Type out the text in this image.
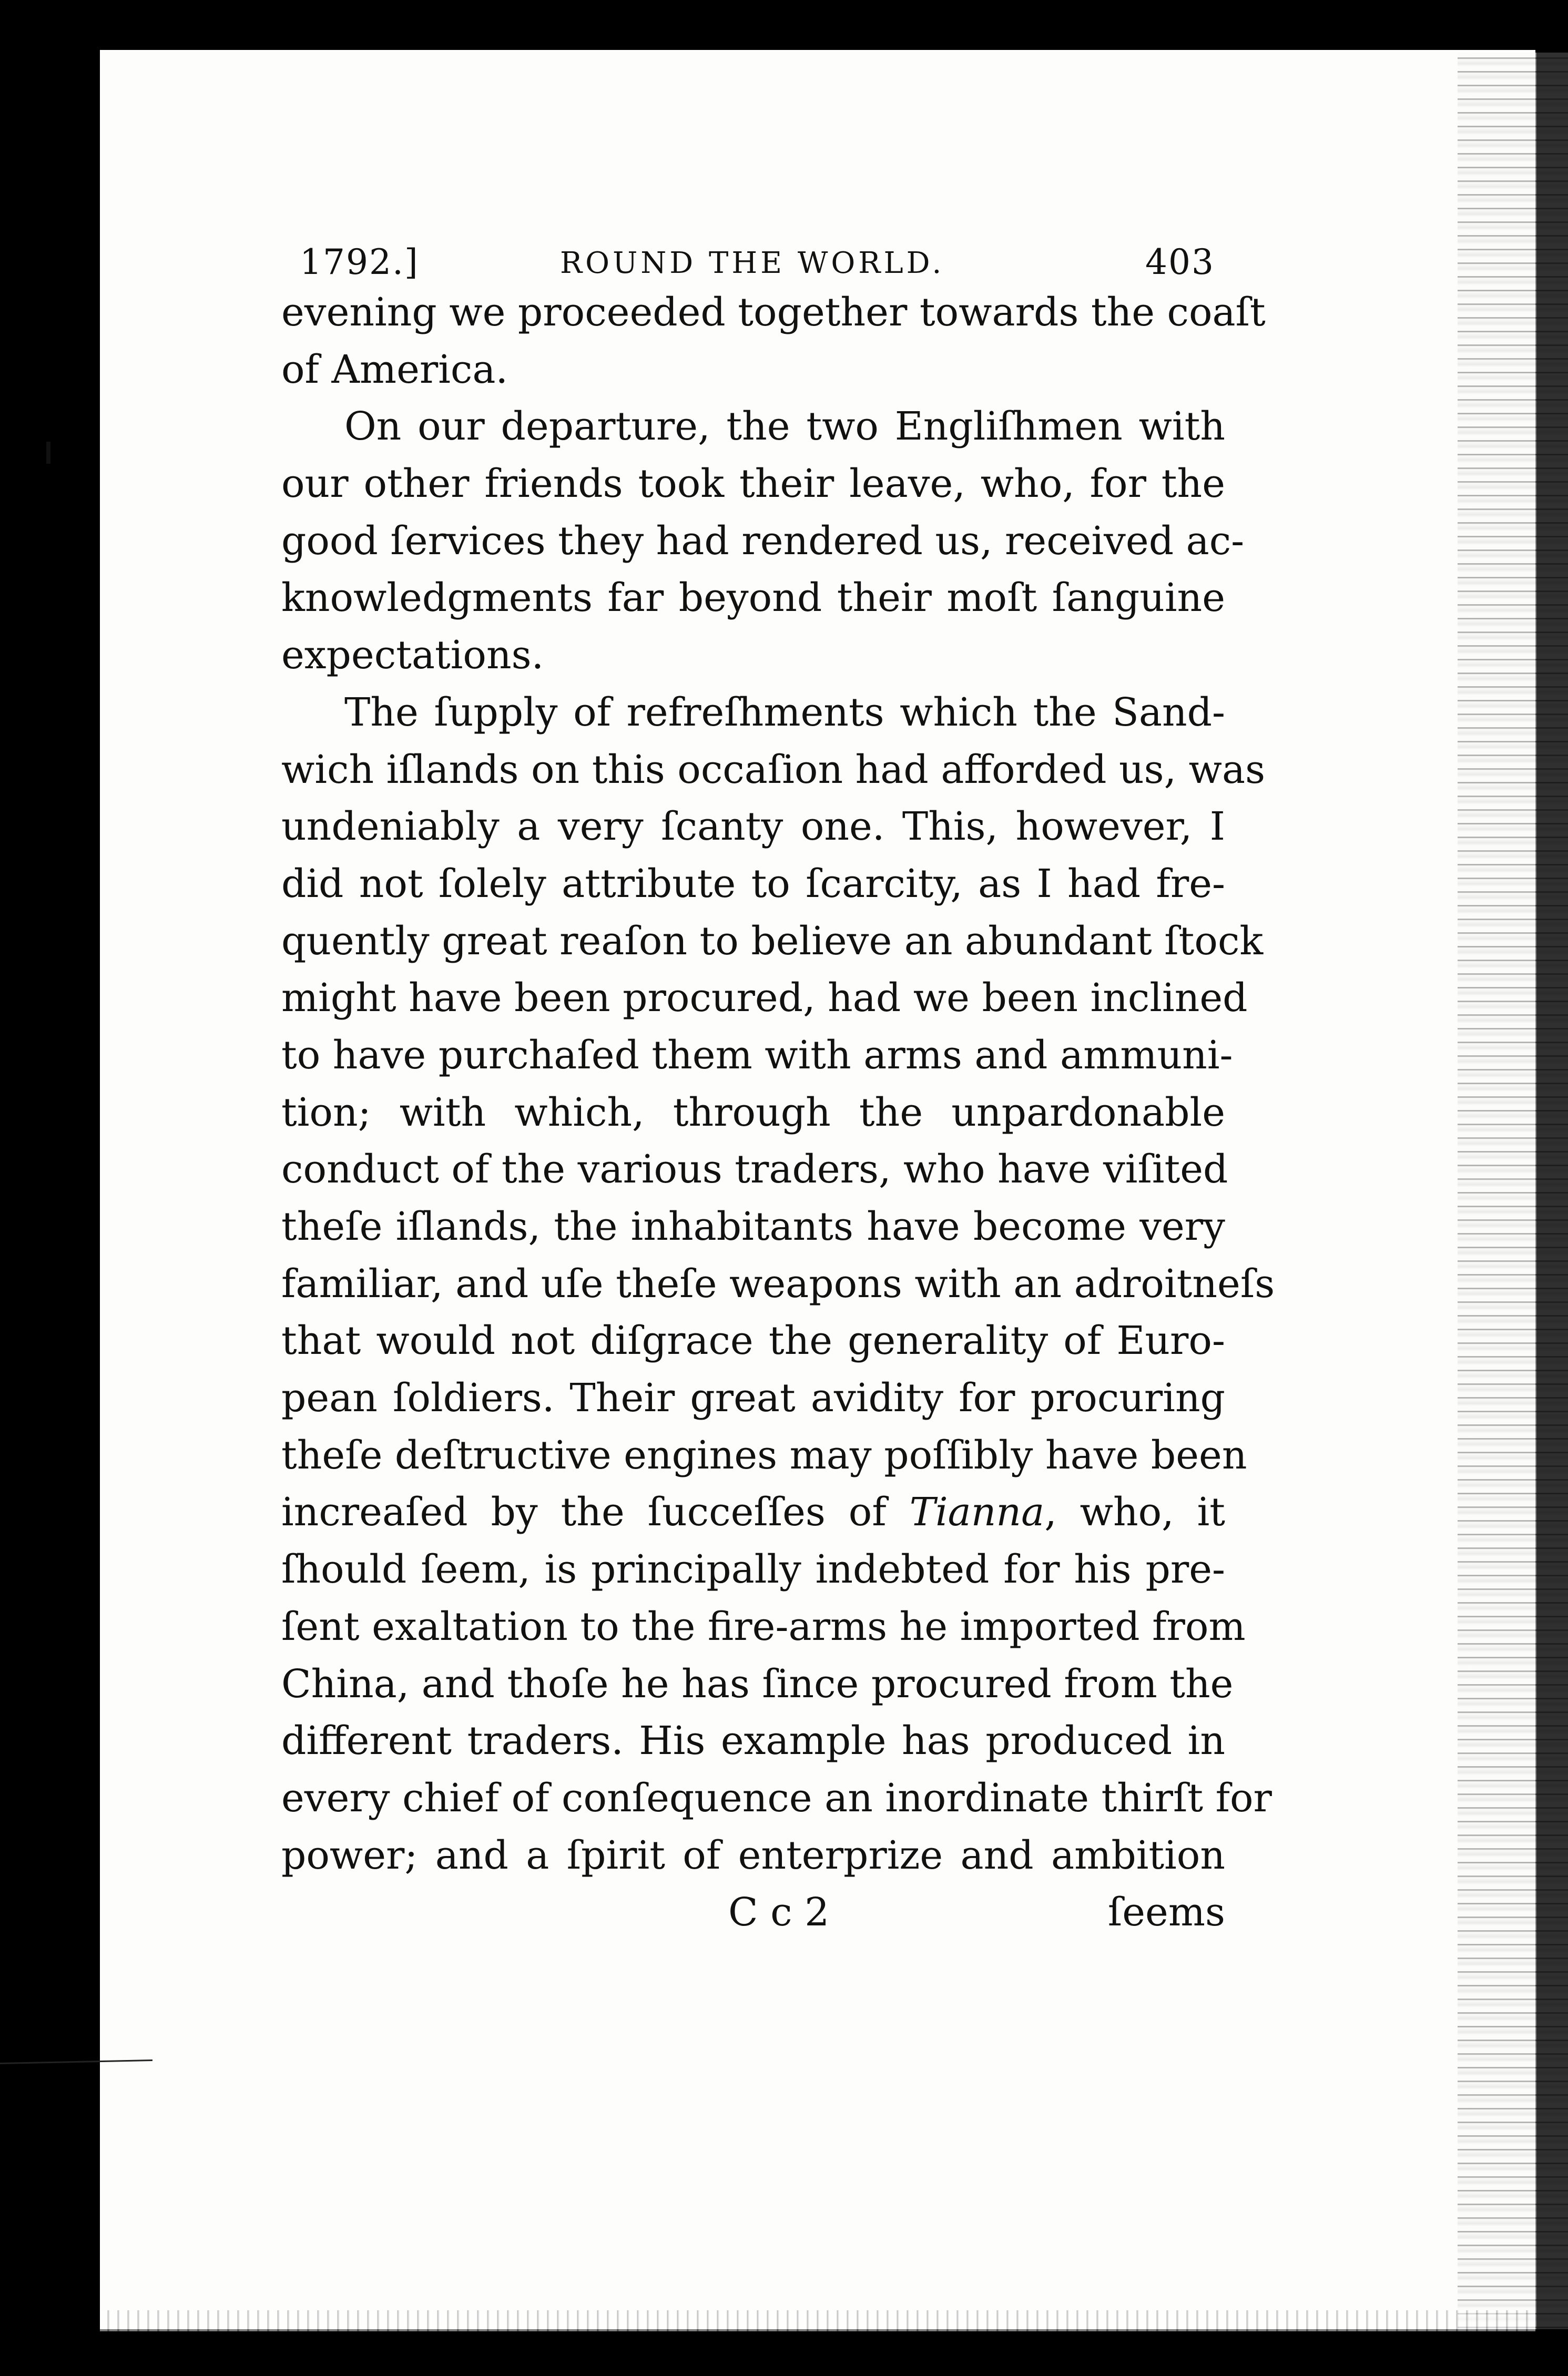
1792.]	ROUND THE WORLD.	403
evening we proceeded together towards the coaſt
of America.
On our departure, the two Engliſhmen with
our other friends took their leave, who, for the
good ſervices they had rendered us, received ac-
knowledgments far beyond their moſt ſanguine
expectations.
The ſupply of refreſhments which the Sand-
wich iſlands on this occaſion had afforded us, was
undeniably a very ſcanty one. This, however, I
did not ſolely attribute to ſcarcity, as I had fre-
quently great reaſon to believe an abundant ſtock
might have been procured, had we been inclined
to have purchaſed them with arms and ammuni-
tion; with which, through the unpardonable
conduct of the various traders, who have viſited
theſe iſlands, the inhabitants have become very
familiar, and uſe theſe weapons with an adroitneſs
that would not diſgrace the generality of Euro-
pean ſoldiers. Their great avidity for procuring
theſe deſtructive engines may poſſibly have been
increaſed by the ſucceſſes of Tianna, who, it
ſhould ſeem, is principally indebted for his pre-
ſent exaltation to the fire-arms he imported from
China, and thoſe he has ſince procured from the
different traders. His example has produced in
every chief of conſequence an inordinate thirſt for
power; and a ſpirit of enterprize and ambition
C c 2	ſeems
